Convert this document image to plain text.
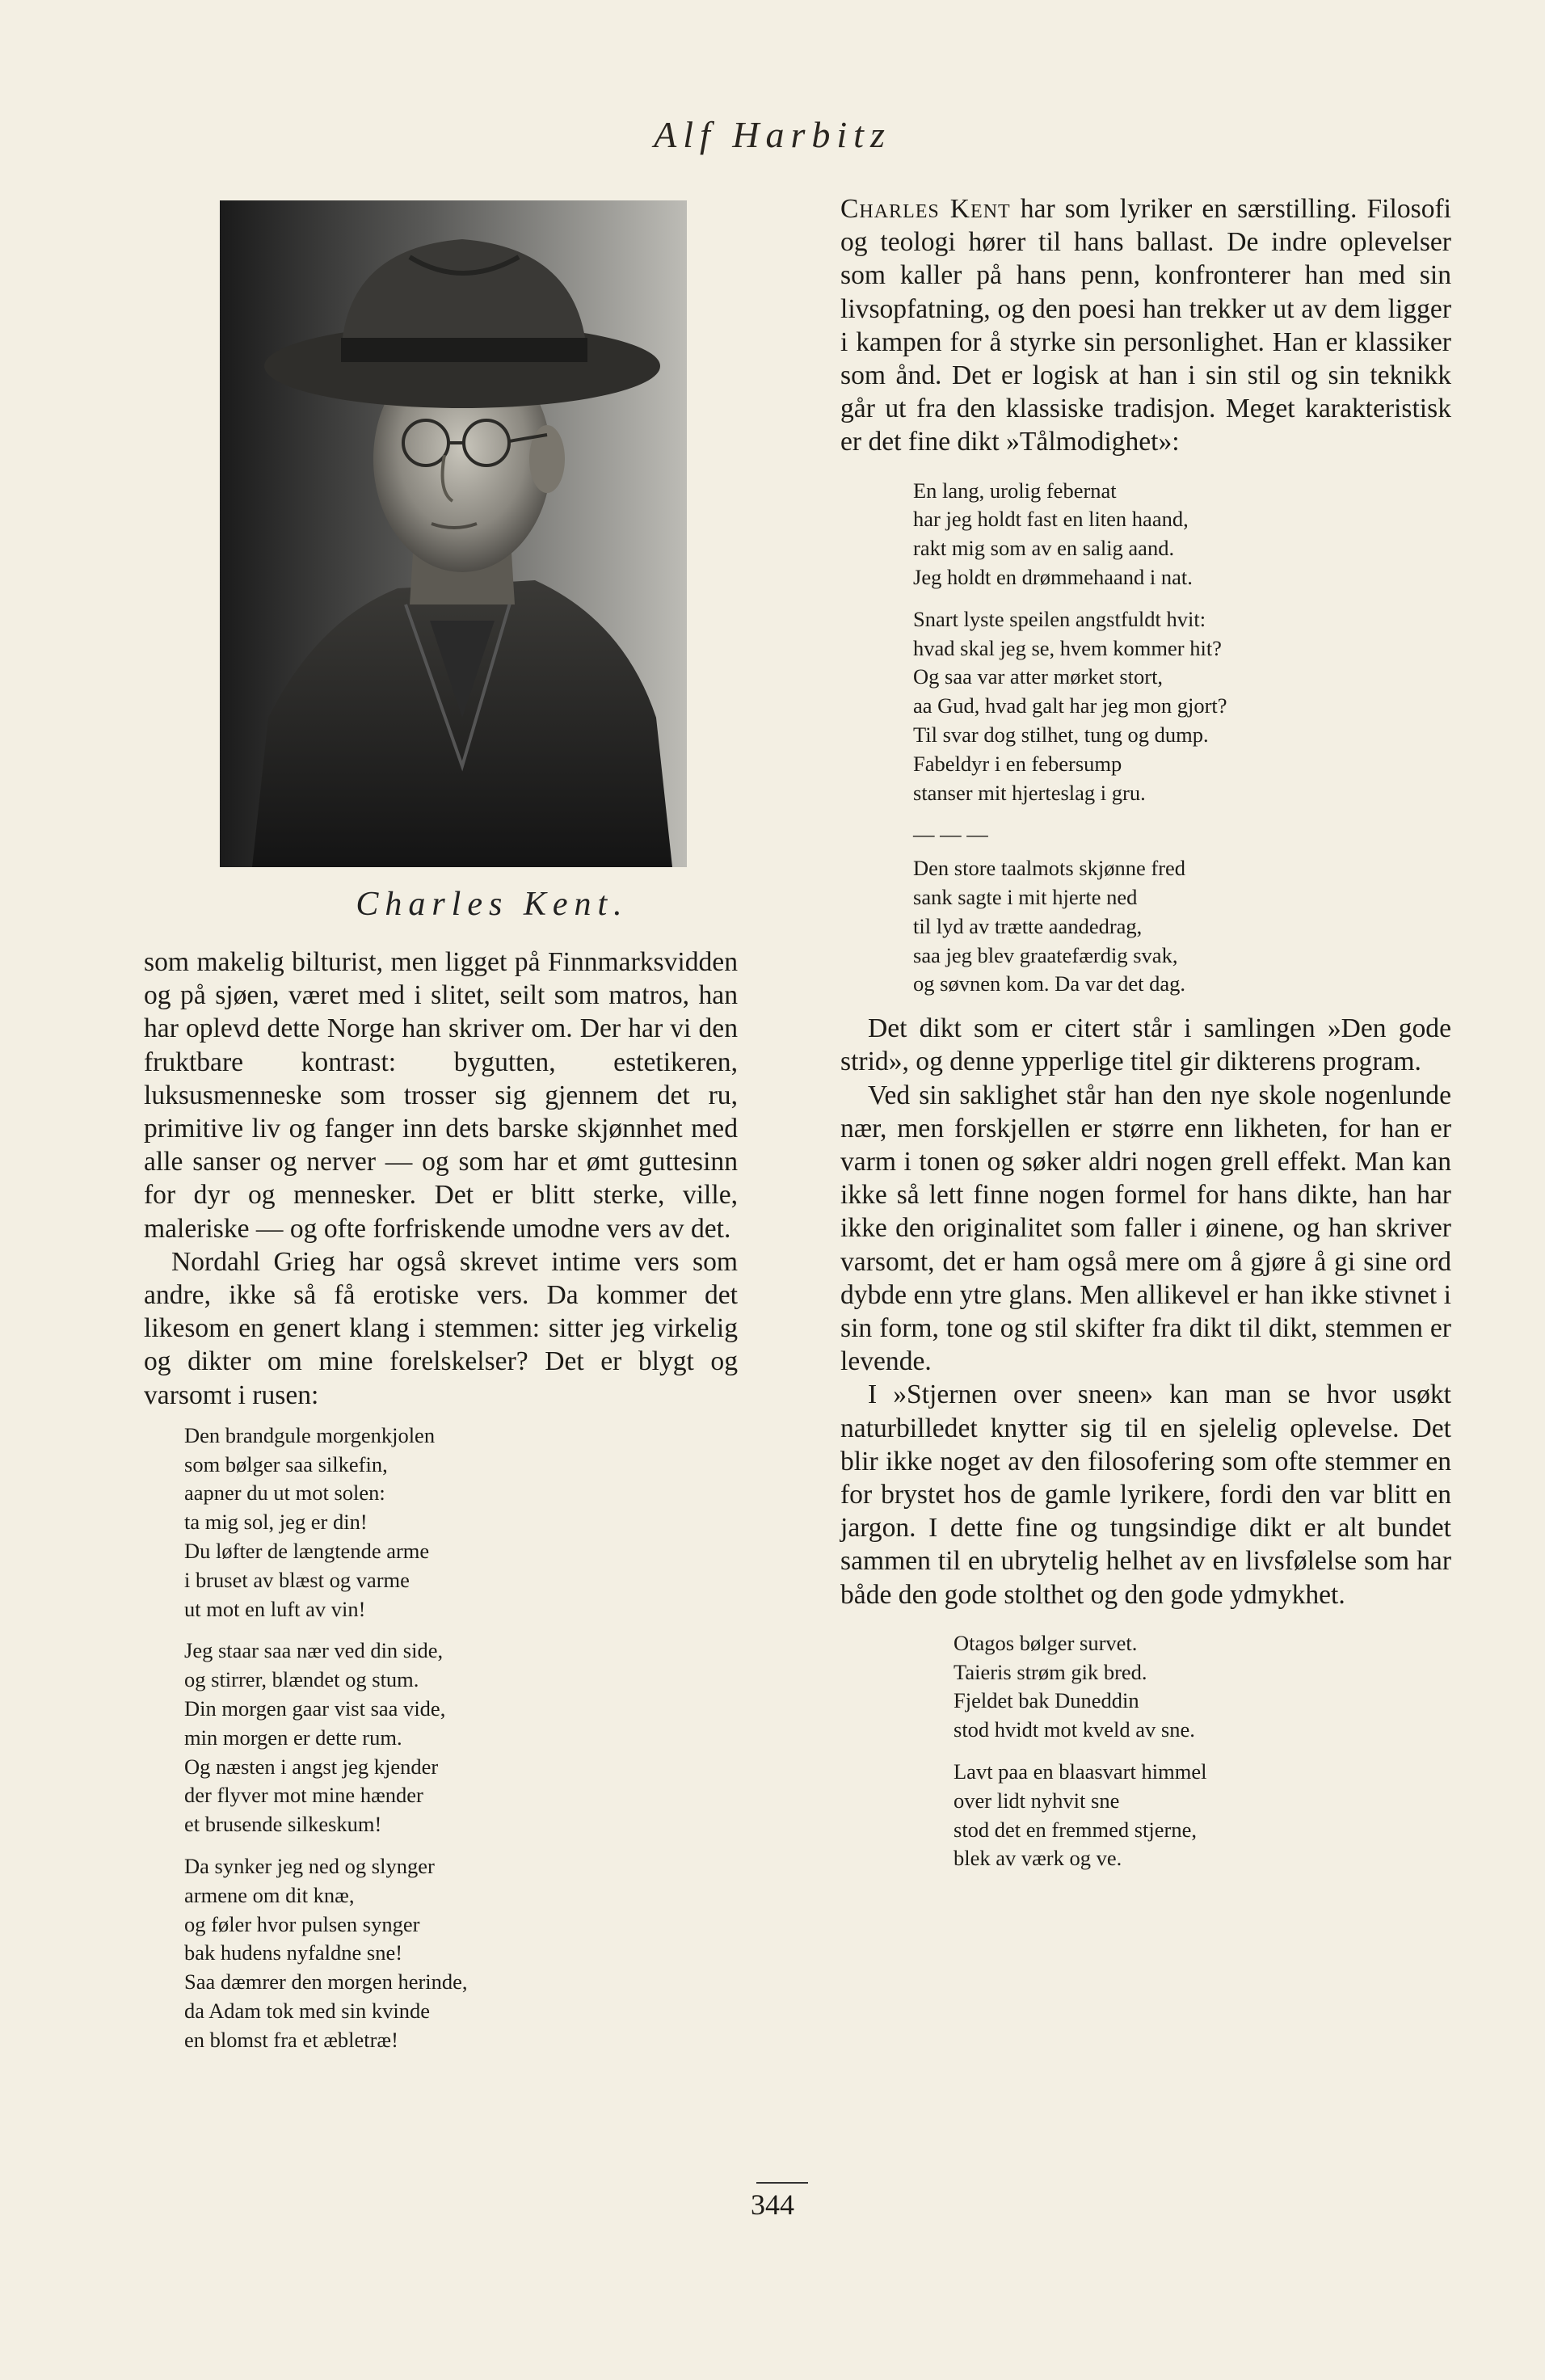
Alf Harbitz
Charles Kent.

som makelig bilturist, men ligget på Finnmarksvidden og på sjøen, været med i slitet, seilt som matros, han har oplevd dette Norge han skriver om. Der har vi den fruktbare kontrast: bygutten, estetikeren, luksusmenneske som trosser sig gjennem det ru, primitive liv og fanger inn dets barske skjønnhet med alle sanser og nerver — og som har et ømt guttesinn for dyr og mennesker. Det er blitt sterke, ville, maleriske — og ofte forfriskende umodne vers av det.

Nordahl Grieg har også skrevet intime vers som andre, ikke så få erotiske vers. Da kommer det likesom en genert klang i stemmen: sitter jeg virkelig og dikter om mine forelskelser? Det er blygt og varsomt i rusen:

Den brandgule morgenkjolen
som bølger saa silkefin,
aapner du ut mot solen:
ta mig sol, jeg er din!
Du løfter de længtende arme
i bruset av blæst og varme
ut mot en luft av vin!

Jeg staar saa nær ved din side,
og stirrer, blændet og stum.
Din morgen gaar vist saa vide,
min morgen er dette rum.
Og næsten i angst jeg kjender
der flyver mot mine hænder
et brusende silkeskum!

Da synker jeg ned og slynger
armene om dit knæ,
og føler hvor pulsen synger
bak hudens nyfaldne sne!
Saa dæmrer den morgen herinde,
da Adam tok med sin kvinde
en blomst fra et æbletræ!

Charles Kent har som lyriker en særstilling. Filosofi og teologi hører til hans ballast. De indre oplevelser som kaller på hans penn, konfronterer han med sin livsopfatning, og den poesi han trekker ut av dem ligger i kampen for å styrke sin personlighet. Han er klassiker som ånd. Det er logisk at han i sin stil og sin teknikk går ut fra den klassiske tradisjon. Meget karakteristisk er det fine dikt »Tålmodighet»:

En lang, urolig febernat
har jeg holdt fast en liten haand,
rakt mig som av en salig aand.
Jeg holdt en drømmehaand i nat.

Snart lyste speilen angstfuldt hvit:
hvad skal jeg se, hvem kommer hit?
Og saa var atter mørket stort,
aa Gud, hvad galt har jeg mon gjort?
Til svar dog stilhet, tung og dump.
Fabeldyr i en febersump
stanser mit hjerteslag i gru.

— — —

Den store taalmots skjønne fred
sank sagte i mit hjerte ned
til lyd av trætte aandedrag,
saa jeg blev graatefærdig svak,
og søvnen kom. Da var det dag.

Det dikt som er citert står i samlingen »Den gode strid», og denne ypperlige titel gir dikterens program.

Ved sin saklighet står han den nye skole nogenlunde nær, men forskjellen er større enn likheten, for han er varm i tonen og søker aldri nogen grell effekt. Man kan ikke så lett finne nogen formel for hans dikte, han har ikke den originalitet som faller i øinene, og han skriver varsomt, det er ham også mere om å gjøre å gi sine ord dybde enn ytre glans. Men allikevel er han ikke stivnet i sin form, tone og stil skifter fra dikt til dikt, stemmen er levende.

I »Stjernen over sneen» kan man se hvor usøkt naturbilledet knytter sig til en sjelelig oplevelse. Det blir ikke noget av den filosofering som ofte stemmer en for brystet hos de gamle lyrikere, fordi den var blitt en jargon. I dette fine og tungsindige dikt er alt bundet sammen til en ubrytelig helhet av en livsfølelse som har både den gode stolthet og den gode ydmykhet.

Otagos bølger survet.
Taieris strøm gik bred.
Fjeldet bak Duneddin
stod hvidt mot kveld av sne.

Lavt paa en blaasvart himmel
over lidt nyhvit sne
stod det en fremmed stjerne,
blek av værk og ve.

344
